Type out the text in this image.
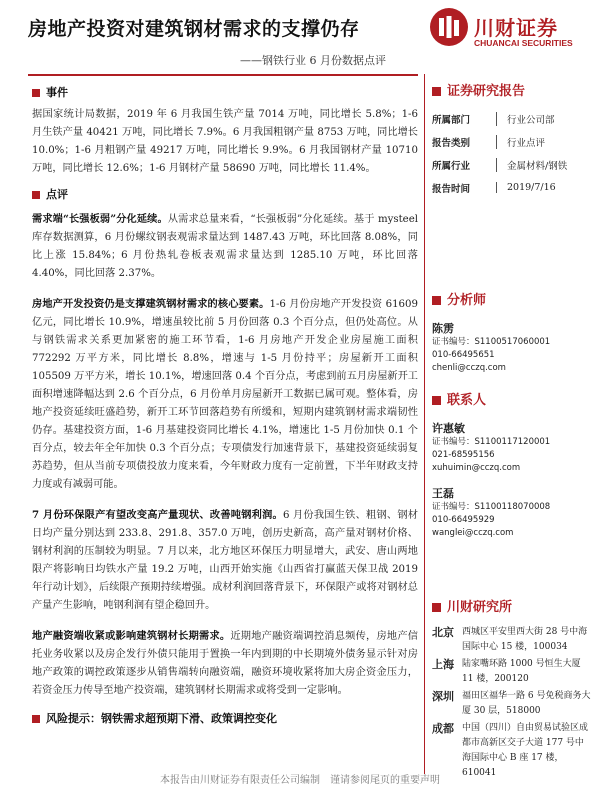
房地产投资对建筑钢材需求的支撑仍存
——钢铁行业 6 月份数据点评
川财证券
CHUANCAI SECURITIES
事件
据国家统计局数据，2019 年 6 月我国生铁产量 7014 万吨，同比增长 5.8%；1-6 月生铁产量 40421 万吨，同比增长 7.9%。6 月我国粗钢产量 8753 万吨，同比增长 10.0%；1-6 月粗钢产量 49217 万吨，同比增长 9.9%。6 月我国钢材产量 10710 万吨，同比增长 12.6%；1-6 月钢材产量 58690 万吨，同比增长 11.4%。
点评
需求端“长强板弱”分化延续。从需求总量来看，“长强板弱”分化延续。基于 mysteel 库存数据测算，6 月份螺纹钢表观需求量达到 1487.43 万吨，环比回落 8.08%，同比上涨 15.84%；6 月份热轧卷板表观需求量达到 1285.10 万吨，环比回落 4.40%，同比回落 2.37%。
房地产开发投资仍是支撑建筑钢材需求的核心要素。1-6 月份房地产开发投资 61609 亿元，同比增长 10.9%，增速虽较比前 5 月份回落 0.3 个百分点，但仍处高位。从与钢铁需求关系更加紧密的施工环节看，1-6 月房地产开发企业房屋施工面积 772292 万平方米，同比增长 8.8%，增速与 1-5 月份持平；房屋新开工面积 105509 万平方米，增长 10.1%，增速回落 0.4 个百分点，考虑到前五月房屋新开工面积增速降幅达到 2.6 个百分点，6 月份单月房屋新开工数据已属可观。整体看，房地产投资延续旺盛趋势，新开工环节回落趋势有所缓和，短期内建筑钢材需求端韧性仍存。基建投资方面，1-6 月基建投资同比增长 4.1%，增速比 1-5 月份加快 0.1 个百分点，较去年全年加快 0.3 个百分点；专项债发行加速背景下，基建投资延续弱复苏趋势，但从当前专项债投放力度来看，今年财政力度有一定前置，下半年财政支持力度或有减弱可能。
7 月份环保限产有望改变高产量现状、改善吨钢利润。6 月份我国生铁、粗钢、钢材日均产量分别达到 233.8、291.8、357.0 万吨，创历史新高，高产量对钢材价格、钢材利润的压制较为明显。7 月以来，北方地区环保压力明显增大，武安、唐山两地限产将影响日均铁水产量 19.2 万吨，山西开始实施《山西省打赢蓝天保卫战 2019 年行动计划》，后续限产预期持续增强。成材利润回落背景下，环保限产或将对钢材总产量产生影响，吨钢利润有望企稳回升。
地产融资端收紧或影响建筑钢材长期需求。近期地产融资端调控消息频传，房地产信托业务收紧以及房企发行外债只能用于置换一年内到期的中长期境外债务显示针对房地产政策的调控政策逐步从销售端转向融资端，融资环境收紧将加大房企资金压力，若资金压力传导至地产投资端，建筑钢材长期需求或将受到一定影响。
风险提示：钢铁需求超预期下滑、政策调控变化
证券研究报告
所属部门	行业公司部
报告类别	行业点评
所属行业	金属材料/钢铁
报告时间	2019/7/16
分析师
陈雳
证书编号：S1100517060001
010-66495651
chenli@cczq.com
联系人
许惠敏
证书编号：S1100117120001
021-68595156
xuhuimin@cczq.com
王磊
证书编号：S1100118070008
010-66495929
wanglei@cczq.com
川财研究所
北京 西城区平安里西大街 28 号中海国际中心 15 楼，100034
上海 陆家嘴环路 1000 号恒生大厦 11 楼，200120
深圳 福田区福华一路 6 号免税商务大厦 30 层，518000
成都 中国（四川）自由贸易试验区成都市高新区交子大道 177 号中海国际中心 B 座 17 楼，610041
本报告由川财证券有限责任公司编制　谨请参阅尾页的重要声明
